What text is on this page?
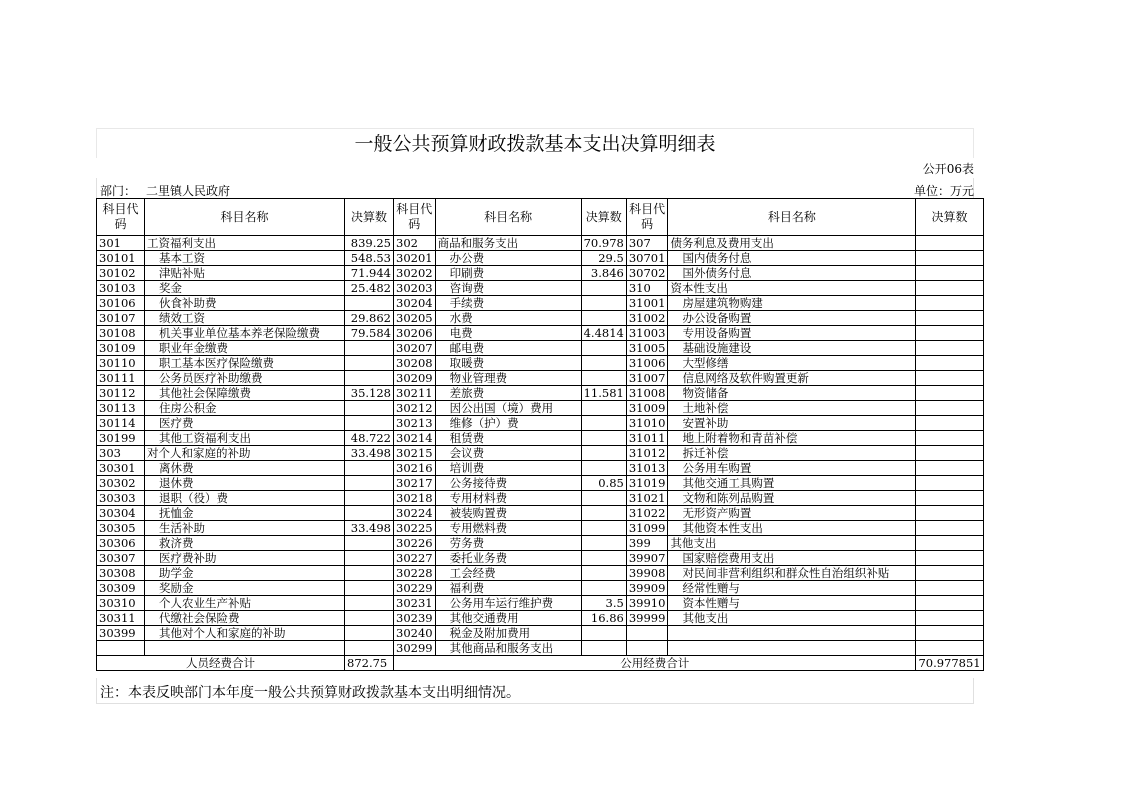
一般公共预算财政拨款基本支出决算明细表
公开06表
部门： 二里镇人民政府	单位：万元
科目代码	科目名称	决算数	科目代码	科目名称	决算数	科目代码	科目名称	决算数
301	工资福利支出	839.25	302	商品和服务支出	70.978	307	债务利息及费用支出	
30101	基本工资	548.53	30201	办公费	29.5	30701	国内债务付息	
30102	津贴补贴	71.944	30202	印刷费	3.846	30702	国外债务付息	
30103	奖金	25.482	30203	咨询费		310	资本性支出	
30106	伙食补助费		30204	手续费		31001	房屋建筑物购建	
30107	绩效工资	29.862	30205	水费		31002	办公设备购置	
30108	机关事业单位基本养老保险缴费	79.584	30206	电费	4.4814	31003	专用设备购置	
30109	职业年金缴费		30207	邮电费		31005	基础设施建设	
30110	职工基本医疗保险缴费		30208	取暖费		31006	大型修缮	
30111	公务员医疗补助缴费		30209	物业管理费		31007	信息网络及软件购置更新	
30112	其他社会保障缴费	35.128	30211	差旅费	11.581	31008	物资储备	
30113	住房公积金		30212	因公出国（境）费用		31009	土地补偿	
30114	医疗费		30213	维修（护）费		31010	安置补助	
30199	其他工资福利支出	48.722	30214	租赁费		31011	地上附着物和青苗补偿	
303	对个人和家庭的补助	33.498	30215	会议费		31012	拆迁补偿	
30301	离休费		30216	培训费		31013	公务用车购置	
30302	退休费		30217	公务接待费	0.85	31019	其他交通工具购置	
30303	退职（役）费		30218	专用材料费		31021	文物和陈列品购置	
30304	抚恤金		30224	被装购置费		31022	无形资产购置	
30305	生活补助	33.498	30225	专用燃料费		31099	其他资本性支出	
30306	救济费		30226	劳务费		399	其他支出	
30307	医疗费补助		30227	委托业务费		39907	国家赔偿费用支出	
30308	助学金		30228	工会经费		39908	对民间非营利组织和群众性自治组织补贴	
30309	奖励金		30229	福利费		39909	经常性赠与	
30310	个人农业生产补贴		30231	公务用车运行维护费	3.5	39910	资本性赠与	
30311	代缴社会保险费		30239	其他交通费用	16.86	39999	其他支出	
30399	其他对个人和家庭的补助		30240	税金及附加费用				
			30299	其他商品和服务支出				
人员经费合计		872.75	公用经费合计					70.977851
注：本表反映部门本年度一般公共预算财政拨款基本支出明细情况。
